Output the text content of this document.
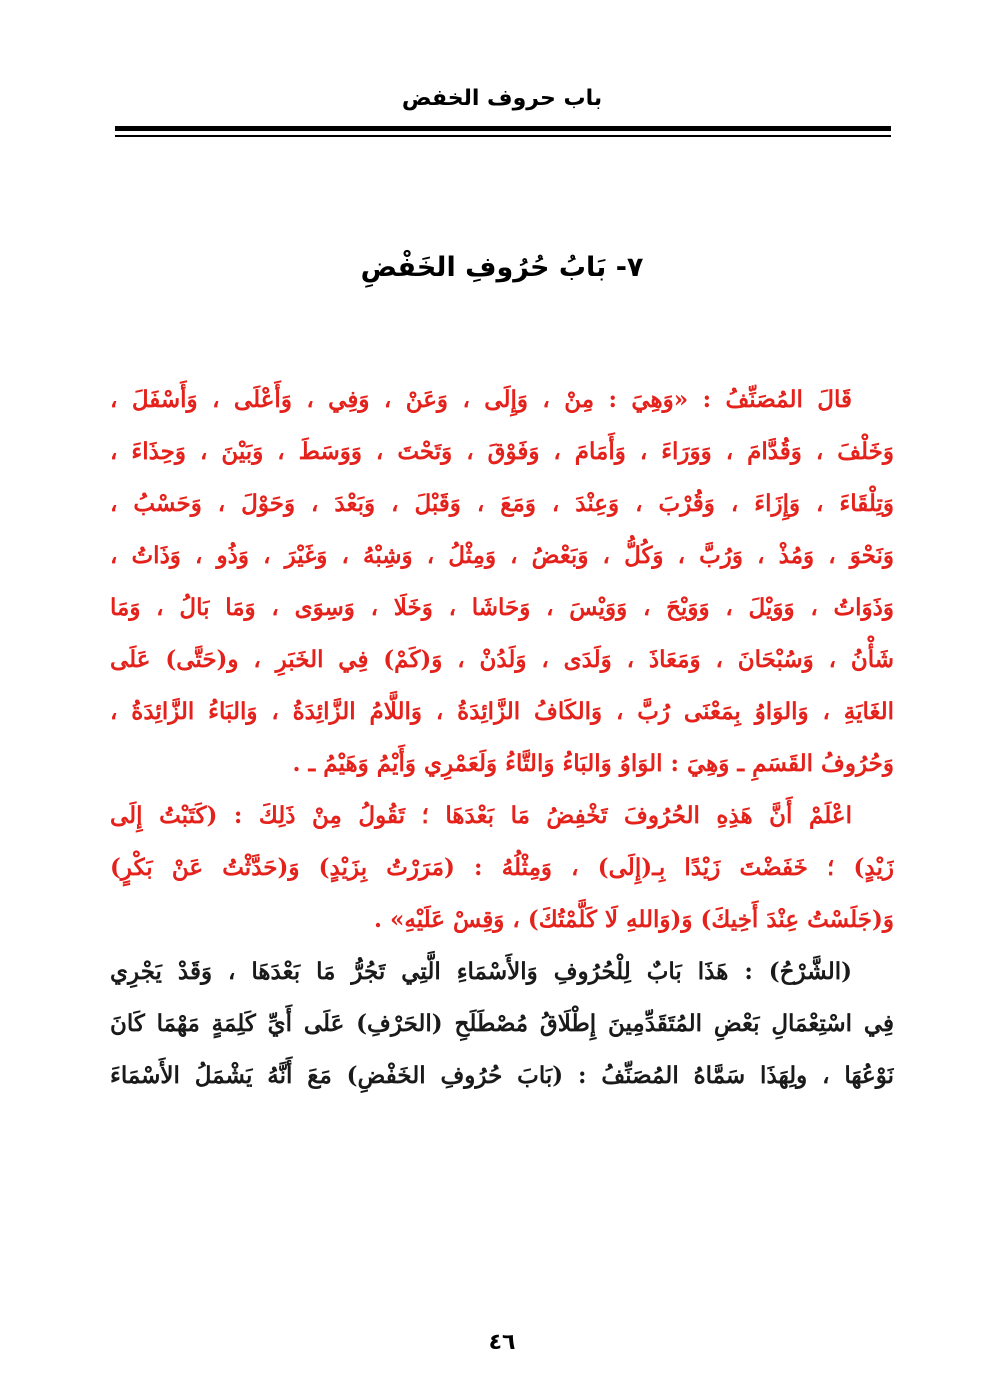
باب حروف الخفض
٧- بَابُ حُرُوفِ الخَفْضِ
قَالَ المُصَنِّفُ : «وَهِيَ : مِنْ ، وَإِلَى ، وَعَنْ ، وَفِي ، وَأَعْلَى ، وَأَسْفَلَ ،
وَخَلْفَ ، وَقُدَّامَ ، وَوَرَاءَ ، وَأَمَامَ ، وَفَوْقَ ، وَتَحْتَ ، وَوَسَطَ ، وَبَيْنَ ، وَحِذَاءَ ،
وَتِلْقَاءَ ، وَإِزَاءَ ، وَقُرْبَ ، وَعِنْدَ ، وَمَعَ ، وَقَبْلَ ، وَبَعْدَ ، وَحَوْلَ ، وَحَسْبُ ،
وَنَحْوَ ، وَمُذْ ، وَرُبَّ ، وَكُلُّ ، وَبَعْضُ ، وَمِثْلُ ، وَشِبْهُ ، وَغَيْرَ ، وَذُو ، وَذَاتُ ،
وَذَوَاتُ ، وَوَيْلَ ، وَوَيْحَ ، وَوَيْسَ ، وَحَاشَا ، وَخَلَا ، وَسِوَى ، وَمَا بَالُ ، وَمَا
شَأْنُ ، وَسُبْحَانَ ، وَمَعَاذَ ، وَلَدَى ، وَلَدُنْ ، وَ(كَمْ) فِي الخَبَرِ ، و(حَتَّى) عَلَى
الغَايَةِ ، وَالوَاوُ بِمَعْنَى رُبَّ ، وَالكَافُ الزَّائِدَةُ ، وَاللَّامُ الزَّائِدَةُ ، وَالبَاءُ الزَّائِدَةُ ،
وَحُرُوفُ القَسَمِ ـ وَهِيَ : الوَاوُ وَالبَاءُ وَالتَّاءُ وَلَعَمْرِي وَأَيْمُ وَهَيْمُ ـ .
اعْلَمْ أَنَّ هَذِهِ الحُرُوفَ تَخْفِضُ مَا بَعْدَهَا ؛ تَقُولُ مِنْ ذَلِكَ : (كَتَبْتُ إِلَى
زَيْدٍ) ؛ خَفَضْتَ زَيْدًا بِـ(إِلَى) ، وَمِثْلُهُ : (مَرَرْتُ بِزَيْدٍ) وَ(حَدَّثْتُ عَنْ بَكْرٍ)
وَ(جَلَسْتُ عِنْدَ أَخِيكَ) وَ(وَاللهِ لَا كَلَّمْتُكَ) ، وَقِسْ عَلَيْهِ» .
(الشَّرْحُ) : هَذَا بَابٌ لِلْحُرُوفِ وَالأَسْمَاءِ الَّتِي تَجُرُّ مَا بَعْدَهَا ، وَقَدْ يَجْرِي
فِي اسْتِعْمَالِ بَعْضِ المُتَقَدِّمِينَ إِطْلَاقُ مُصْطَلَحِ (الحَرْفِ) عَلَى أَيِّ كَلِمَةٍ مَهْمَا كَانَ
نَوْعُهَا ، ولِهَذَا سَمَّاهُ المُصَنِّفُ : (بَابَ حُرُوفِ الخَفْضِ) مَعَ أَنَّهُ يَشْمَلُ الأَسْمَاءَ
٤٦
